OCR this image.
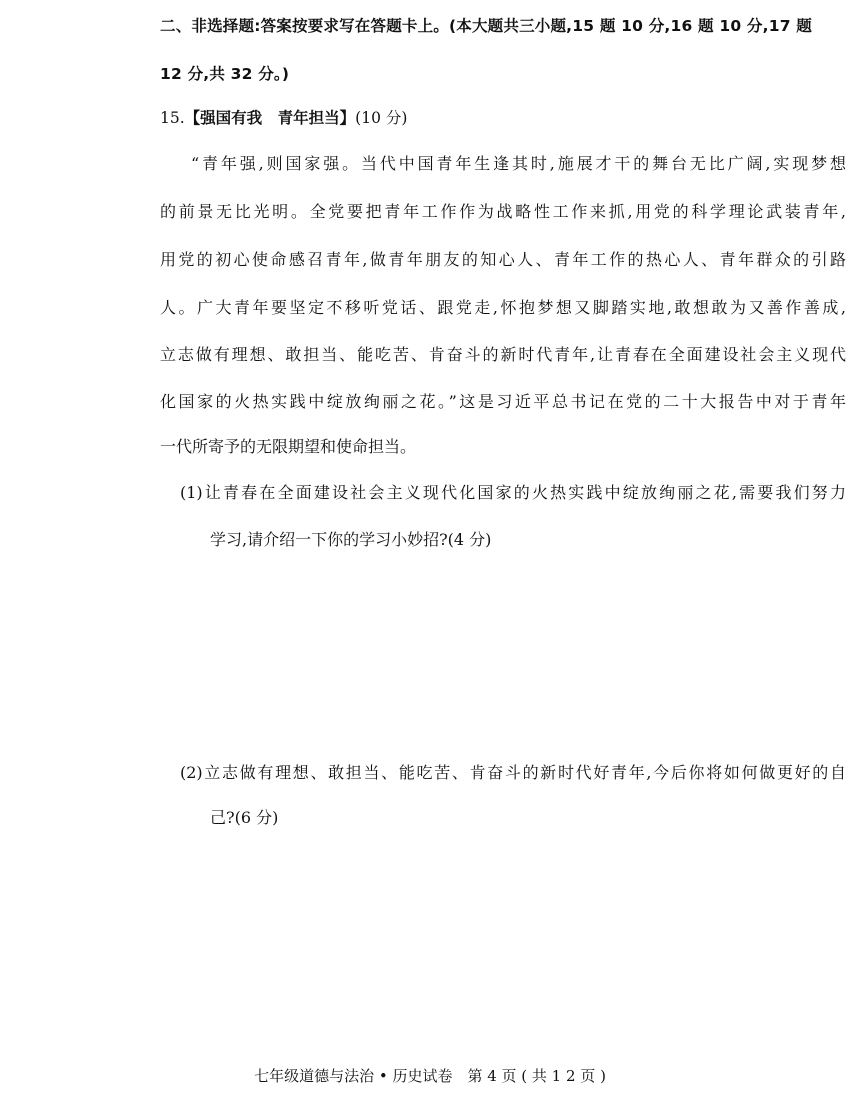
二、非选择题:答案按要求写在答题卡上。(本大题共三小题,15 题 10 分,16 题 10 分,17 题
12 分,共 32 分。)
15.【强国有我　青年担当】(10 分)
“青年强,则国家强。当代中国青年生逢其时,施展才干的舞台无比广阔,实现梦想
的前景无比光明。全党要把青年工作作为战略性工作来抓,用党的科学理论武装青年,
用党的初心使命感召青年,做青年朋友的知心人、青年工作的热心人、青年群众的引路
人。广大青年要坚定不移听党话、跟党走,怀抱梦想又脚踏实地,敢想敢为又善作善成,
立志做有理想、敢担当、能吃苦、肯奋斗的新时代青年,让青春在全面建设社会主义现代
化国家的火热实践中绽放绚丽之花。”这是习近平总书记在党的二十大报告中对于青年
一代所寄予的无限期望和使命担当。
(1)让青春在全面建设社会主义现代化国家的火热实践中绽放绚丽之花,需要我们努力
学习,请介绍一下你的学习小妙招?(4 分)
(2)立志做有理想、敢担当、能吃苦、肯奋斗的新时代好青年,今后你将如何做更好的自
己?(6 分)
七年级道德与法治 • 历史试卷　第 4 页 ( 共 1 2 页 )
